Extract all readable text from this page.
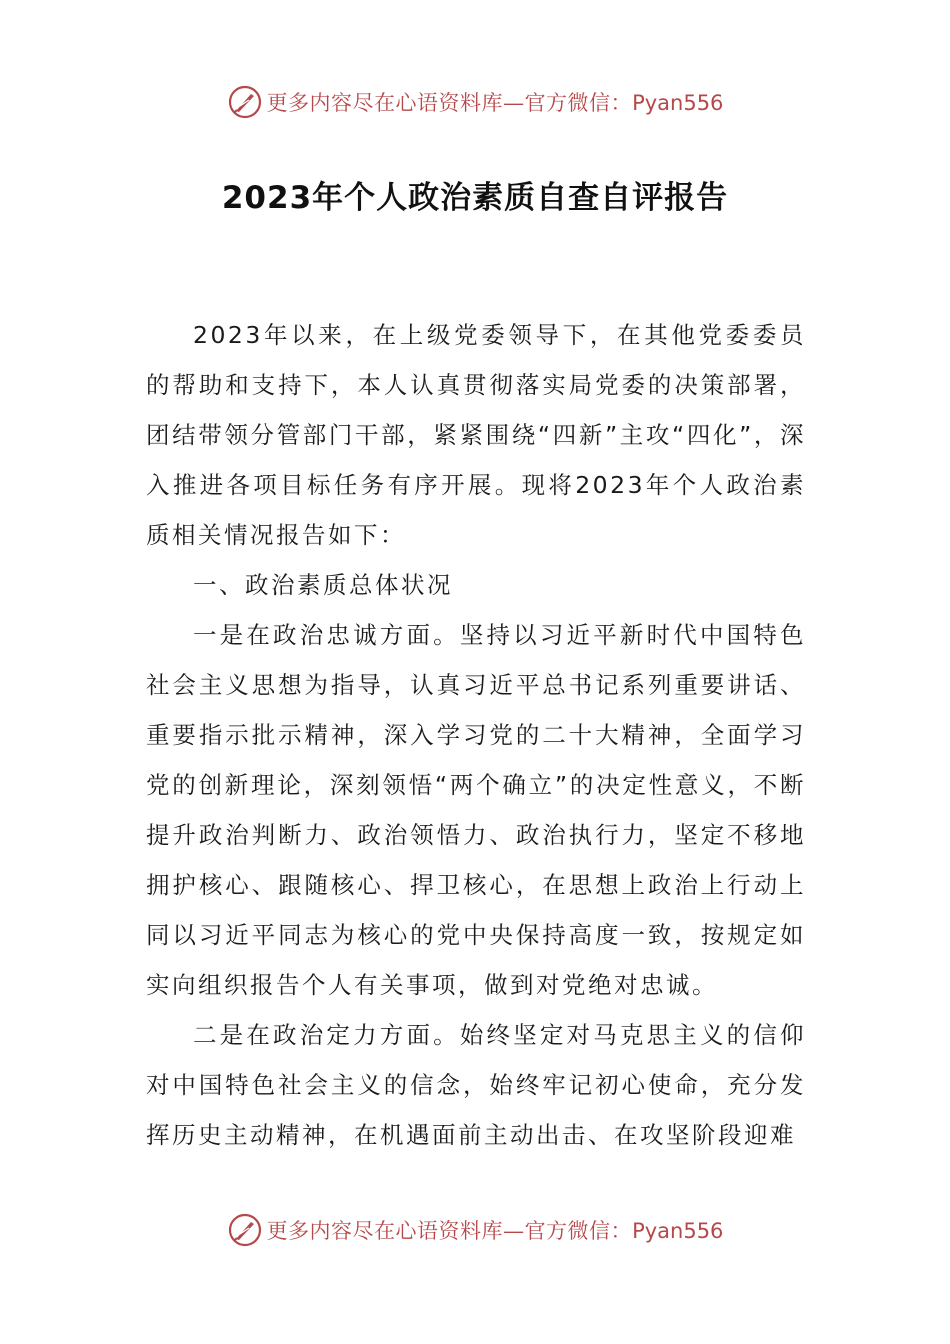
更多内容尽在心语资料库—官方微信：Pyan556
2023年个人政治素质自查自评报告

2023年以来，在上级党委领导下，在其他党委委员的帮助和支持下，本人认真贯彻落实局党委的决策部署，团结带领分管部门干部，紧紧围绕“四新”主攻“四化”，深入推进各项目标任务有序开展。现将2023年个人政治素质相关情况报告如下：

一、政治素质总体状况

一是在政治忠诚方面。坚持以习近平新时代中国特色社会主义思想为指导，认真习近平总书记系列重要讲话、重要指示批示精神，深入学习党的二十大精神，全面学习党的创新理论，深刻领悟“两个确立”的决定性意义，不断提升政治判断力、政治领悟力、政治执行力，坚定不移地拥护核心、跟随核心、捍卫核心，在思想上政治上行动上同以习近平同志为核心的党中央保持高度一致，按规定如实向组织报告个人有关事项，做到对党绝对忠诚。

二是在政治定力方面。始终坚定对马克思主义的信仰对中国特色社会主义的信念，始终牢记初心使命，充分发挥历史主动精神，在机遇面前主动出击、在攻坚阶段迎难

更多内容尽在心语资料库—官方微信：Pyan556
